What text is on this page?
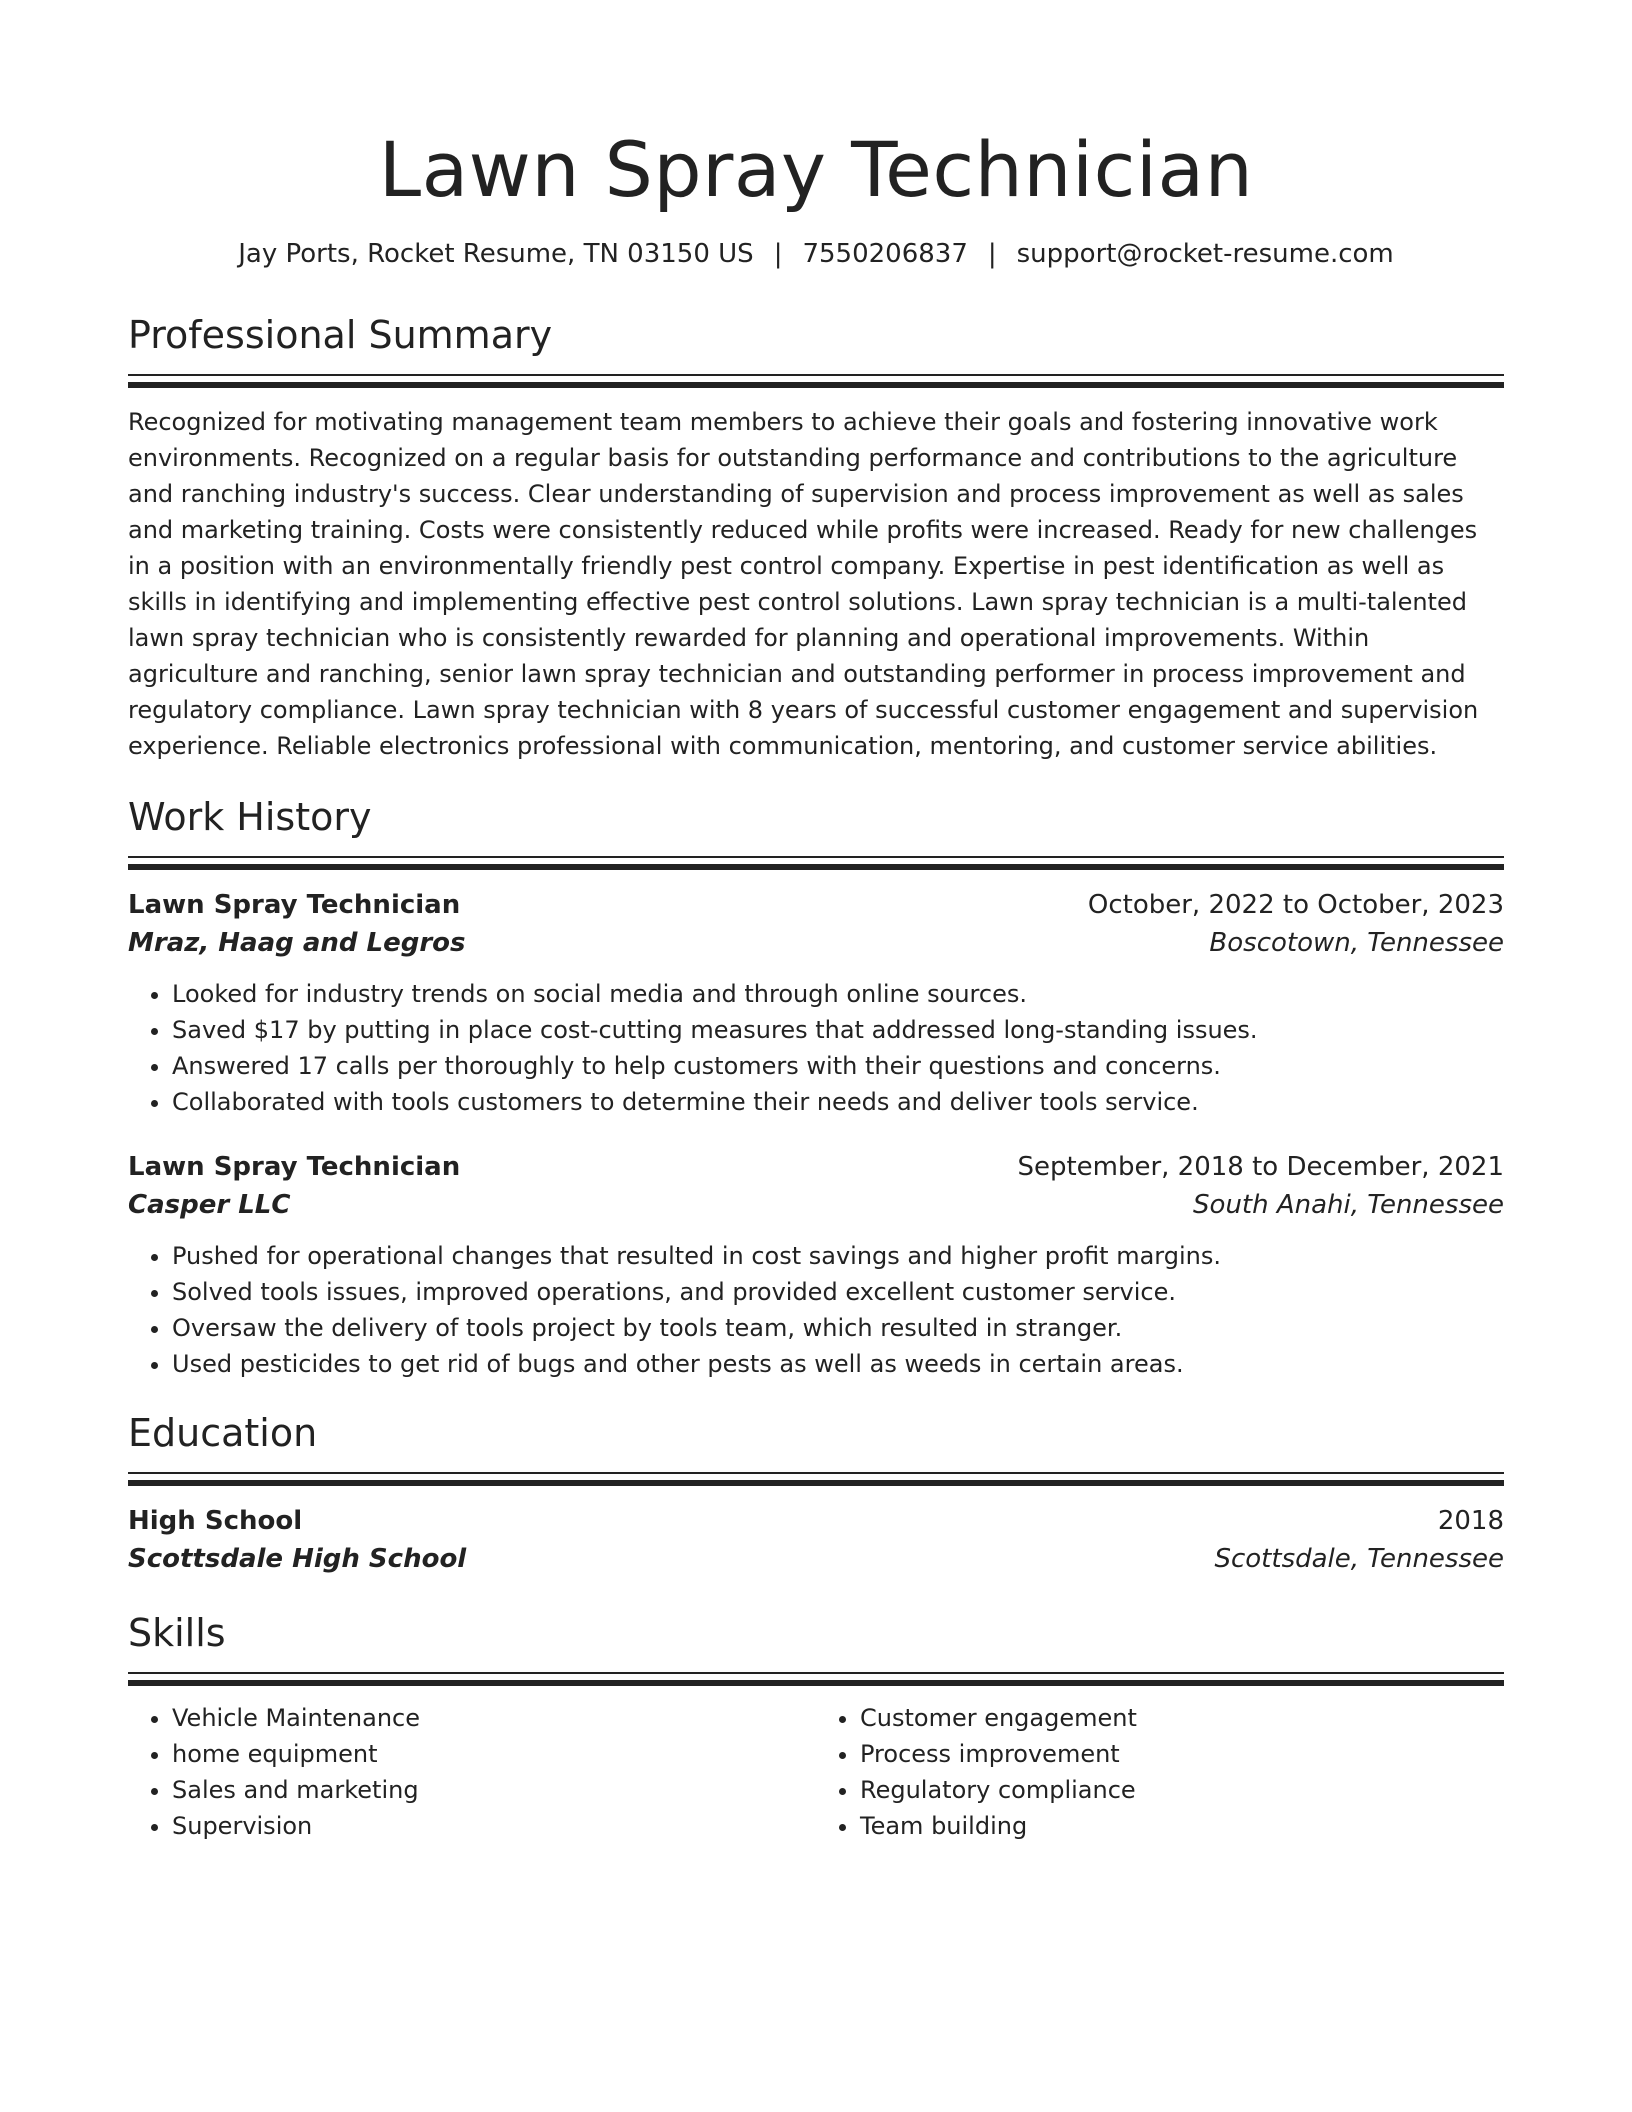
Lawn Spray Technician
Jay Ports, Rocket Resume, TN 03150 US | 7550206837 | support@rocket-resume.com
Professional Summary

Recognized for motivating management team members to achieve their goals and fostering innovative work environments. Recognized on a regular basis for outstanding performance and contributions to the agriculture and ranching industry's success. Clear understanding of supervision and process improvement as well as sales and marketing training. Costs were consistently reduced while profits were increased. Ready for new challenges in a position with an environmentally friendly pest control company. Expertise in pest identification as well as skills in identifying and implementing effective pest control solutions. Lawn spray technician is a multi-talented lawn spray technician who is consistently rewarded for planning and operational improvements. Within agriculture and ranching, senior lawn spray technician and outstanding performer in process improvement and regulatory compliance. Lawn spray technician with 8 years of successful customer engagement and supervision experience. Reliable electronics professional with communication, mentoring, and customer service abilities.

Work History
Lawn Spray Technician	October, 2022 to October, 2023
Mraz, Haag and Legros	Boscotown, Tennessee
• Looked for industry trends on social media and through online sources.
• Saved $17 by putting in place cost-cutting measures that addressed long-standing issues.
• Answered 17 calls per thoroughly to help customers with their questions and concerns.
• Collaborated with tools customers to determine their needs and deliver tools service.
Lawn Spray Technician	September, 2018 to December, 2021
Casper LLC	South Anahi, Tennessee
• Pushed for operational changes that resulted in cost savings and higher profit margins.
• Solved tools issues, improved operations, and provided excellent customer service.
• Oversaw the delivery of tools project by tools team, which resulted in stranger.
• Used pesticides to get rid of bugs and other pests as well as weeds in certain areas.
Education
High School	2018
Scottsdale High School	Scottsdale, Tennessee
Skills
• Vehicle Maintenance
• home equipment
• Sales and marketing
• Supervision
• Customer engagement
• Process improvement
• Regulatory compliance
• Team building
